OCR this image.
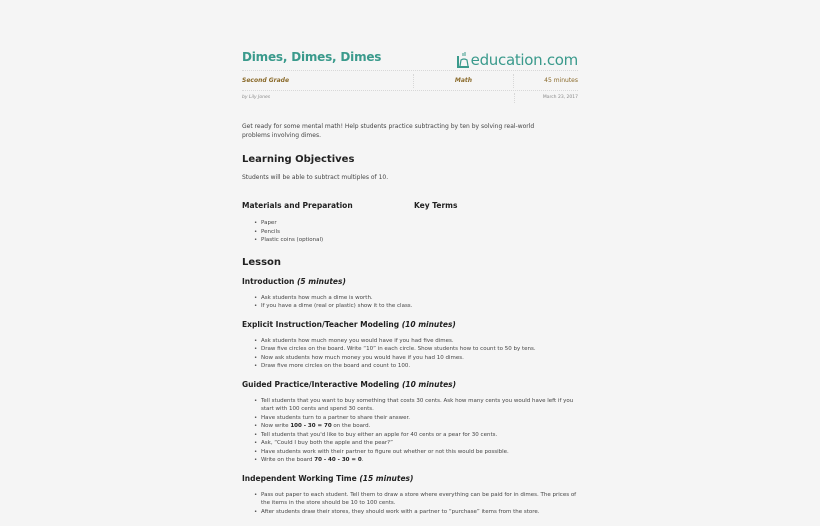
Dimes, Dimes, Dimes	education .com
Second Grade	Math	45 minutes
by Lily Jones	March 23, 2017

Get ready for some mental math! Help students practice subtracting by ten by solving real-world problems involving dimes.

Learning Objectives

Students will be able to subtract multiples of 10.

Materials and Preparation
• Paper
• Pencils
• Plastic coins (optional)
Key Terms
Lesson
Introduction (5 minutes)
• Ask students how much a dime is worth.
• If you have a dime (real or plastic) show it to the class.
Explicit Instruction/Teacher Modeling (10 minutes)
• Ask students how much money you would have if you had five dimes.
• Draw five circles on the board. Write “10” in each circle. Show students how to count to 50 by tens.
• Now ask students how much money you would have if you had 10 dimes.
• Draw five more circles on the board and count to 100.
Guided Practice/Interactive Modeling (10 minutes)
• Tell students that you want to buy something that costs 30 cents. Ask how many cents you would have left if you start with 100 cents and spend 30 cents.
• Have students turn to a partner to share their answer.
• Now write 100 - 30 = 70 on the board.
• Tell students that you'd like to buy either an apple for 40 cents or a pear for 30 cents.
• Ask, “Could I buy both the apple and the pear?”
• Have students work with their partner to figure out whether or not this would be possible.
• Write on the board 70 - 40 - 30 = 0.
Independent Working Time (15 minutes)
• Pass out paper to each student. Tell them to draw a store where everything can be paid for in dimes. The prices of the items in the store should be 10 to 100 cents.
• After students draw their stores, they should work with a partner to “purchase” items from the store.
